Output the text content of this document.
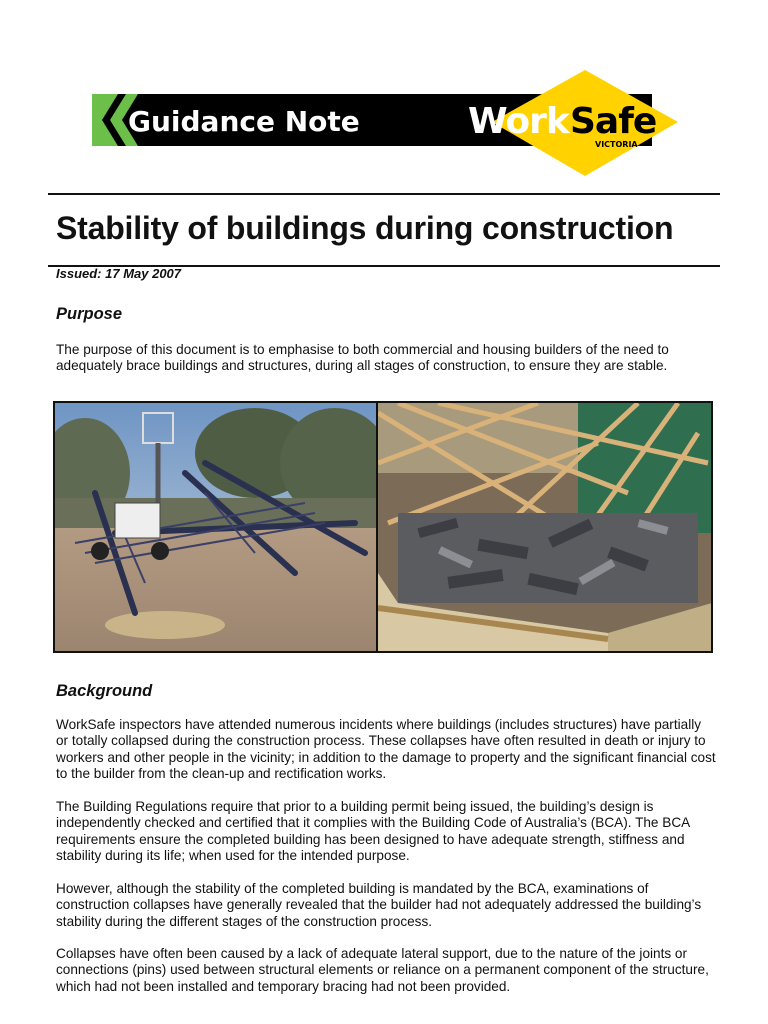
Guidance Note	Work Safe
VICTORIA
Stability of buildings during construction
Issued: 17 May 2007
Purpose

The purpose of this document is to emphasise to both commercial and housing builders of the need to adequately brace buildings and structures, during all stages of construction, to ensure they are stable.

Background

WorkSafe inspectors have attended numerous incidents where buildings (includes structures) have partially or totally collapsed during the construction process. These collapses have often resulted in death or injury to workers and other people in the vicinity; in addition to the damage to property and the significant financial cost to the builder from the clean-up and rectification works.

The Building Regulations require that prior to a building permit being issued, the building’s design is independently checked and certified that it complies with the Building Code of Australia’s (BCA). The BCA requirements ensure the completed building has been designed to have adequate strength, stiffness and stability during its life; when used for the intended purpose.

However, although the stability of the completed building is mandated by the BCA, examinations of construction collapses have generally revealed that the builder had not adequately addressed the building’s stability during the different stages of the construction process.

Collapses have often been caused by a lack of adequate lateral support, due to the nature of the joints or connections (pins) used between structural elements or reliance on a permanent component of the structure, which had not been installed and temporary bracing had not been provided.
